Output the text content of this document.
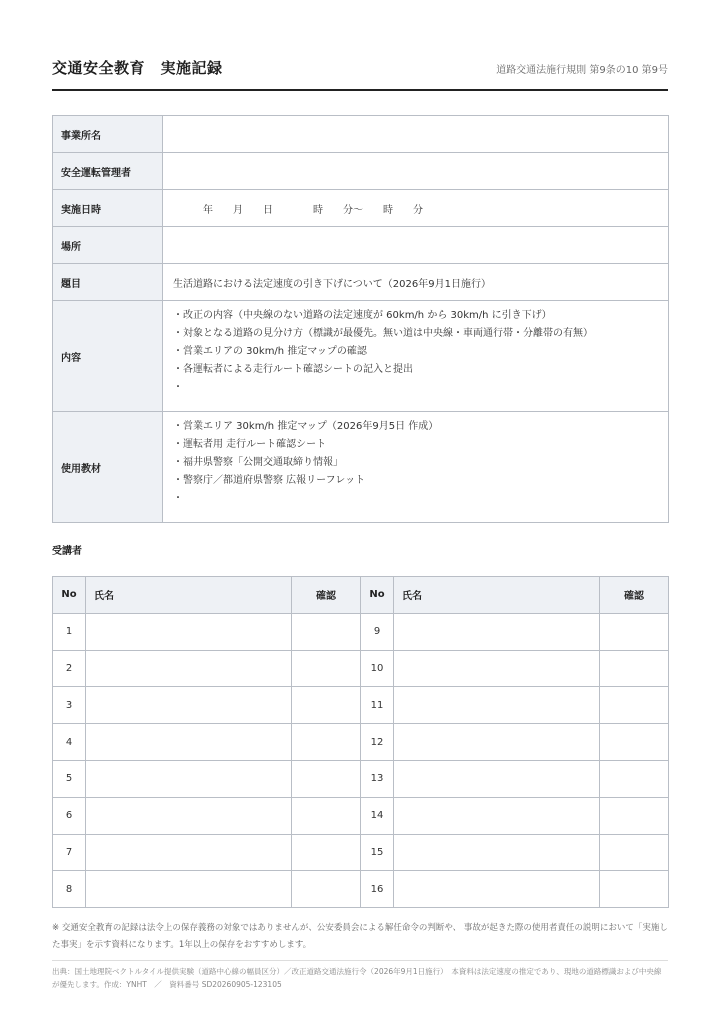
交通安全教育　実施記録	道路交通法施行規則 第9条の10 第9号
事業所名	
安全運転管理者	
実施日時	　　　年　　月　　日　　　　時　　分～　　時　　分
場所	
題目	生活道路における法定速度の引き下げについて（2026年9月1日施行）
内容	・改正の内容（中央線のない道路の法定速度が 60km/h から 30km/h に引き下げ）
・対象となる道路の見分け方（標識が最優先。無い道は中央線・車両通行帯・分離帯の有無）
・営業エリアの 30km/h 推定マップの確認
・各運転者による走行ルート確認シートの記入と提出
・

使用教材	・営業エリア 30km/h 推定マップ（2026年9月5日 作成）
・運転者用 走行ルート確認シート
・福井県警察「公開交通取締り情報」
・警察庁／都道府県警察 広報リーフレット
・
受講者
No	氏名	確認	No	氏名	確認
1			9		
2			10		
3			11		
4			12		
5			13		
6			14		
7			15		
8			16		
※ 交通安全教育の記録は法令上の保存義務の対象ではありませんが、公安委員会による解任命令の判断や、 事故が起きた際の使用者責任の説明において「実施した事実」を示す資料になります。1年以上の保存をおすすめします。
出典：国土地理院ベクトルタイル提供実験（道路中心線の幅員区分）／改正道路交通法施行令（2026年9月1日施行）　本資料は法定速度の推定であり、現地の道路標識および中央線が優先します。作成：YNHT　／　資料番号 SD20260905-123105
